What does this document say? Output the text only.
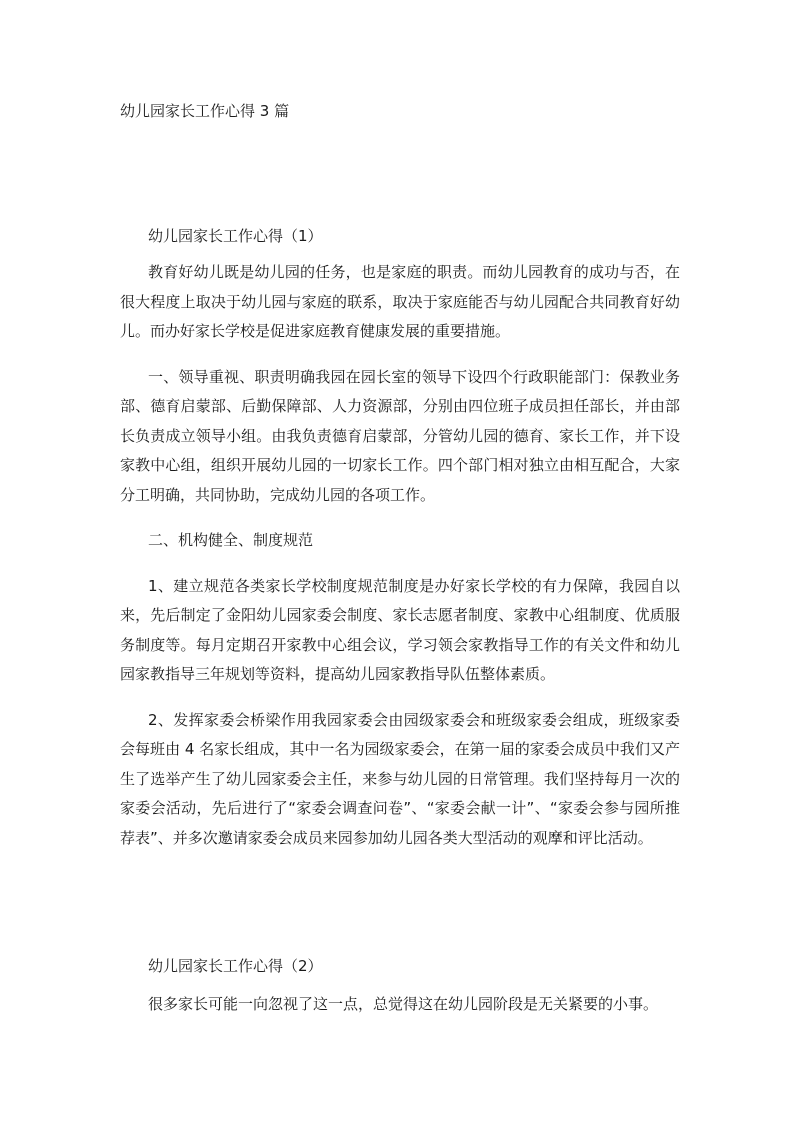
幼儿园家长工作心得 3 篇

幼儿园家长工作心得（1）

教育好幼儿既是幼儿园的任务，也是家庭的职责。而幼儿园教育的成功与否，在很大程度上取决于幼儿园与家庭的联系，取决于家庭能否与幼儿园配合共同教育好幼儿。而办好家长学校是促进家庭教育健康发展的重要措施。

一、领导重视、职责明确我园在园长室的领导下设四个行政职能部门：保教业务部、德育启蒙部、后勤保障部、人力资源部，分别由四位班子成员担任部长，并由部长负责成立领导小组。由我负责德育启蒙部，分管幼儿园的德育、家长工作，并下设家教中心组，组织开展幼儿园的一切家长工作。四个部门相对独立由相互配合，大家分工明确，共同协助，完成幼儿园的各项工作。

二、机构健全、制度规范

1、建立规范各类家长学校制度规范制度是办好家长学校的有力保障，我园自以来，先后制定了金阳幼儿园家委会制度、家长志愿者制度、家教中心组制度、优质服务制度等。每月定期召开家教中心组会议，学习领会家教指导工作的有关文件和幼儿园家教指导三年规划等资料，提高幼儿园家教指导队伍整体素质。

2、发挥家委会桥梁作用我园家委会由园级家委会和班级家委会组成，班级家委会每班由 4 名家长组成，其中一名为园级家委会，在第一届的家委会成员中我们又产生了选举产生了幼儿园家委会主任，来参与幼儿园的日常管理。我们坚持每月一次的家委会活动，先后进行了“家委会调查问卷”、“家委会献一计”、“家委会参与园所推荐表”、并多次邀请家委会成员来园参加幼儿园各类大型活动的观摩和评比活动。

幼儿园家长工作心得（2）

很多家长可能一向忽视了这一点，总觉得这在幼儿园阶段是无关紧要的小事。
